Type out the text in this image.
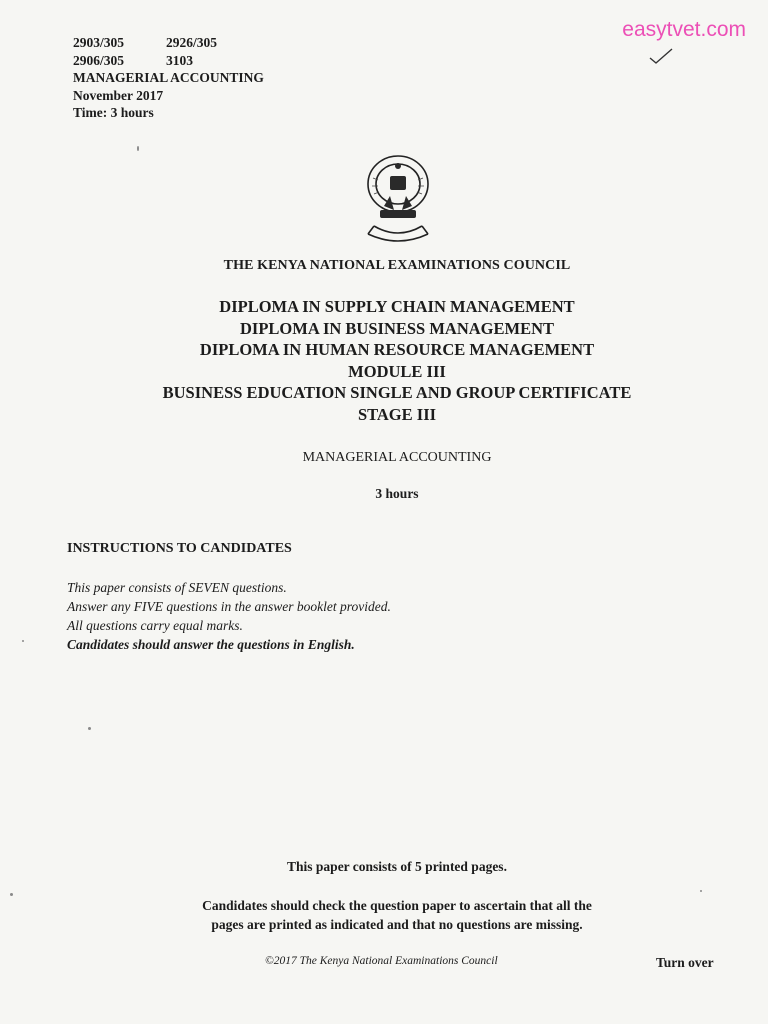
easytvet.com
2903/305	2926/305
2906/305	3103
MANAGERIAL ACCOUNTING
November 2017
Time: 3 hours
THE KENYA NATIONAL EXAMINATIONS COUNCIL
DIPLOMA IN SUPPLY CHAIN MANAGEMENT
DIPLOMA IN BUSINESS MANAGEMENT
DIPLOMA IN HUMAN RESOURCE MANAGEMENT
MODULE III
BUSINESS EDUCATION SINGLE AND GROUP CERTIFICATE
STAGE III
MANAGERIAL ACCOUNTING
3 hours
INSTRUCTIONS TO CANDIDATES
This paper consists of SEVEN questions.
Answer any FIVE questions in the answer booklet provided.
All questions carry equal marks.
Candidates should answer the questions in English.
This paper consists of 5 printed pages.
Candidates should check the question paper to ascertain that all the
pages are printed as indicated and that no questions are missing.
©2017 The Kenya National Examinations Council	Turn over
